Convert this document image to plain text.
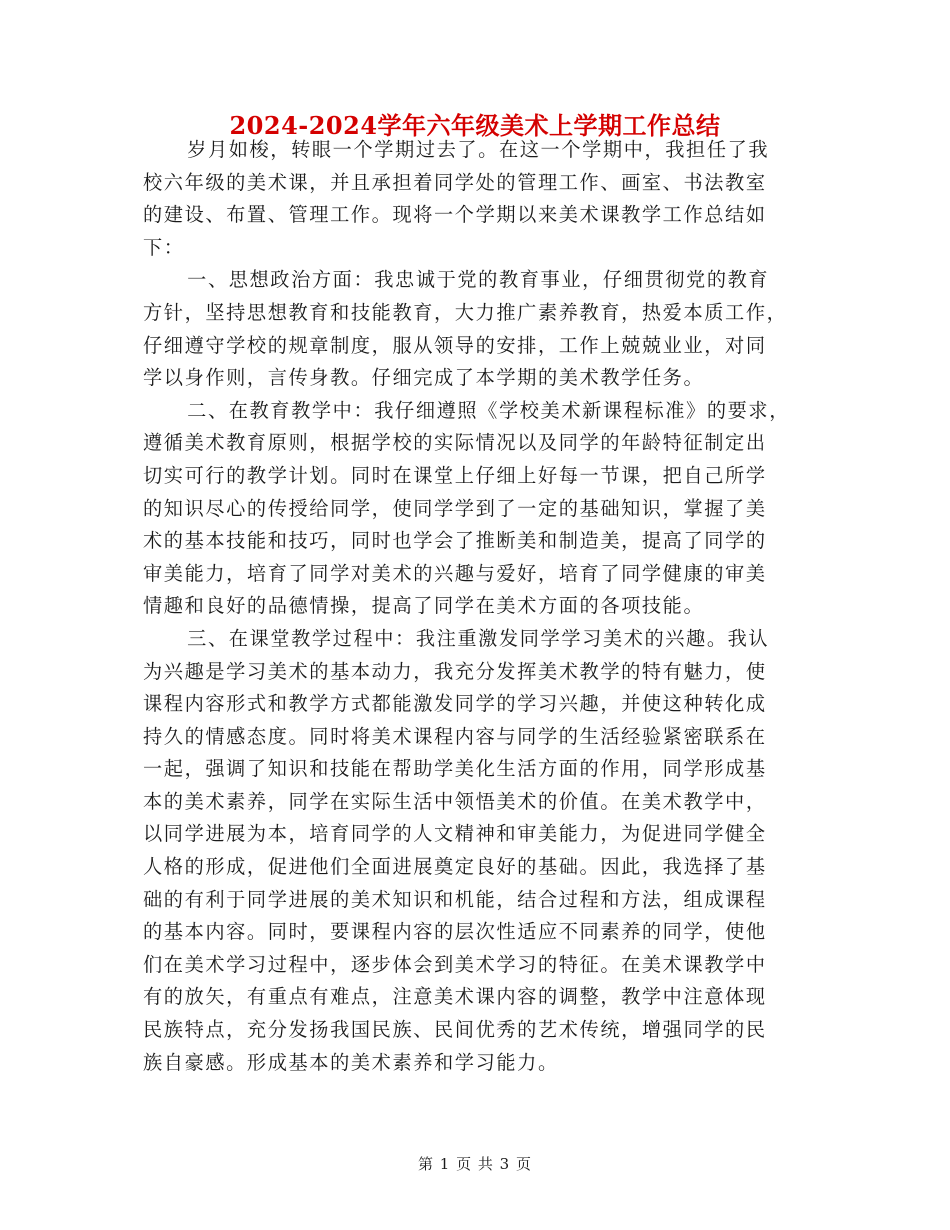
2024-2024学年六年级美术上学期工作总结

岁月如梭，转眼一个学期过去了。在这一个学期中，我担任了我
校六年级的美术课，并且承担着同学处的管理工作、画室、书法教室
的建设、布置、管理工作。现将一个学期以来美术课教学工作总结如
下：

一、思想政治方面：我忠诚于党的教育事业，仔细贯彻党的教育
方针，坚持思想教育和技能教育，大力推广素养教育，热爱本质工作，
仔细遵守学校的规章制度，服从领导的安排，工作上兢兢业业，对同
学以身作则，言传身教。仔细完成了本学期的美术教学任务。

二、在教育教学中：我仔细遵照《学校美术新课程标准》的要求，
遵循美术教育原则，根据学校的实际情况以及同学的年龄特征制定出
切实可行的教学计划。同时在课堂上仔细上好每一节课，把自己所学
的知识尽心的传授给同学，使同学学到了一定的基础知识，掌握了美
术的基本技能和技巧，同时也学会了推断美和制造美，提高了同学的
审美能力，培育了同学对美术的兴趣与爱好，培育了同学健康的审美
情趣和良好的品德情操，提高了同学在美术方面的各项技能。

三、在课堂教学过程中：我注重激发同学学习美术的兴趣。我认
为兴趣是学习美术的基本动力，我充分发挥美术教学的特有魅力，使
课程内容形式和教学方式都能激发同学的学习兴趣，并使这种转化成
持久的情感态度。同时将美术课程内容与同学的生活经验紧密联系在
一起，强调了知识和技能在帮助学美化生活方面的作用，同学形成基
本的美术素养，同学在实际生活中领悟美术的价值。在美术教学中，
以同学进展为本，培育同学的人文精神和审美能力，为促进同学健全
人格的形成，促进他们全面进展奠定良好的基础。因此，我选择了基
础的有利于同学进展的美术知识和机能，结合过程和方法，组成课程
的基本内容。同时，要课程内容的层次性适应不同素养的同学，使他
们在美术学习过程中，逐步体会到美术学习的特征。在美术课教学中
有的放矢，有重点有难点，注意美术课内容的调整，教学中注意体现
民族特点，充分发扬我国民族、民间优秀的艺术传统，增强同学的民
族自豪感。形成基本的美术素养和学习能力。

第 1 页 共 3 页
